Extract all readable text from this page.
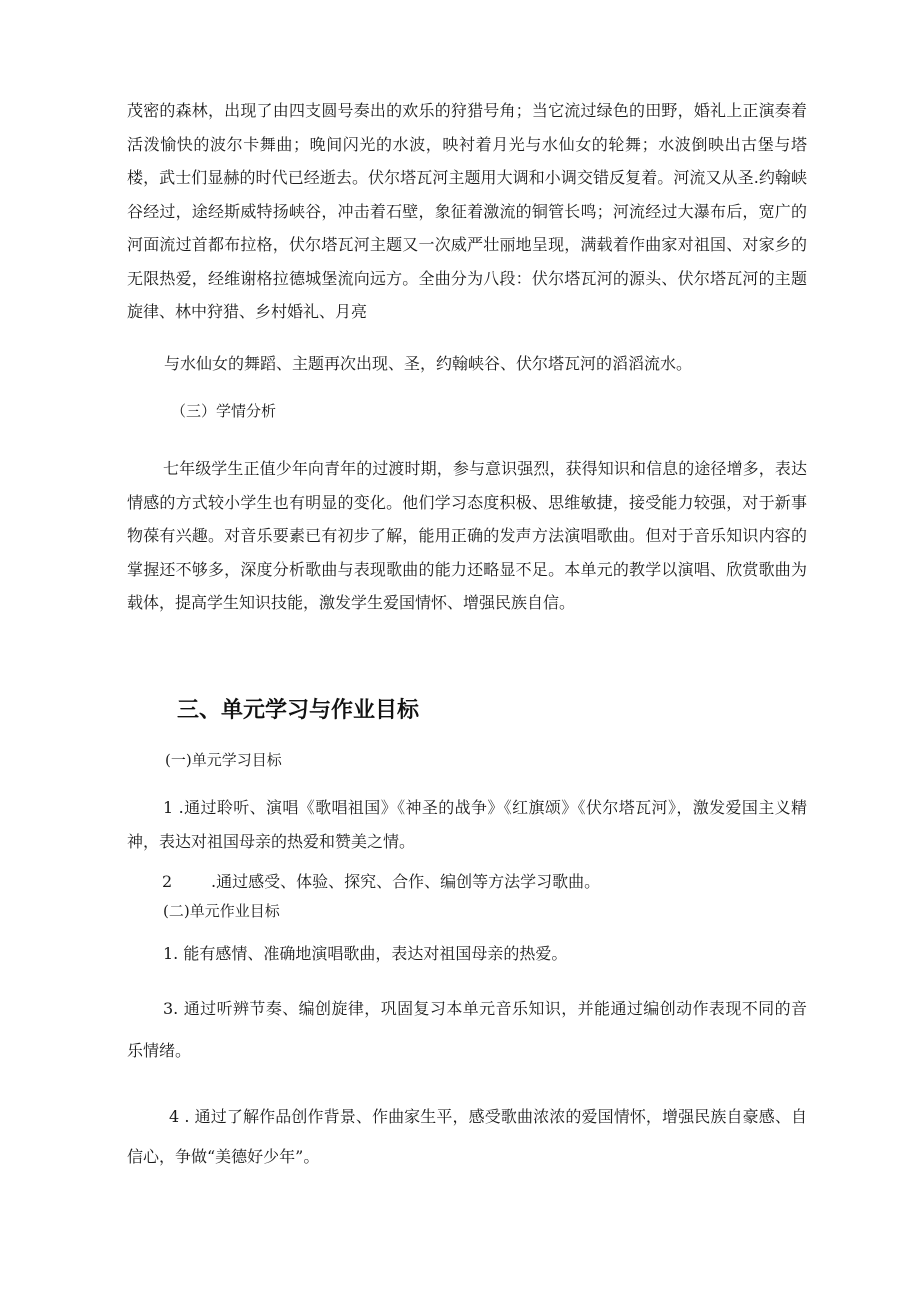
茂密的森林，出现了由四支圆号奏出的欢乐的狩猎号角；当它流过绿色的田野，婚礼上正演奏着活泼愉快的波尔卡舞曲；晚间闪光的水波，映衬着月光与水仙女的轮舞；水波倒映出古堡与塔楼，武士们显赫的时代已经逝去。伏尔塔瓦河主题用大调和小调交错反复着。河流又从圣.约翰峡谷经过，途经斯威特扬峡谷，冲击着石壁，象征着激流的铜管长鸣；河流经过大瀑布后，宽广的河面流过首都布拉格，伏尔塔瓦河主题又一次威严壮丽地呈现，满载着作曲家对祖国、对家乡的无限热爱，经维谢格拉德城堡流向远方。全曲分为八段：伏尔塔瓦河的源头、伏尔塔瓦河的主题旋律、林中狩猎、乡村婚礼、月亮

与水仙女的舞蹈、主题再次出现、圣，约翰峡谷、伏尔塔瓦河的滔滔流水。

（三）学情分析

七年级学生正值少年向青年的过渡时期，参与意识强烈，获得知识和信息的途径增多，表达情感的方式较小学生也有明显的变化。他们学习态度积极、思维敏捷，接受能力较强，对于新事物葆有兴趣。对音乐要素已有初步了解，能用正确的发声方法演唱歌曲。但对于音乐知识内容的掌握还不够多，深度分析歌曲与表现歌曲的能力还略显不足。本单元的教学以演唱、欣赏歌曲为载体，提高学生知识技能，激发学生爱国情怀、增强民族自信。

三、单元学习与作业目标

(一)单元学习目标

1 .通过聆听、演唱《歌唱祖国》《神圣的战争》《红旗颂》《伏尔塔瓦河》，激发爱国主义精神，表达对祖国母亲的热爱和赞美之情。

2 .通过感受、体验、探究、合作、编创等方法学习歌曲。

(二)单元作业目标

1. 能有感情、准确地演唱歌曲，表达对祖国母亲的热爱。

3. 通过听辨节奏、编创旋律，巩固复习本单元音乐知识，并能通过编创动作表现不同的音乐情绪。

4 . 通过了解作品创作背景、作曲家生平，感受歌曲浓浓的爱国情怀，增强民族自豪感、自信心，争做“美德好少年”。
